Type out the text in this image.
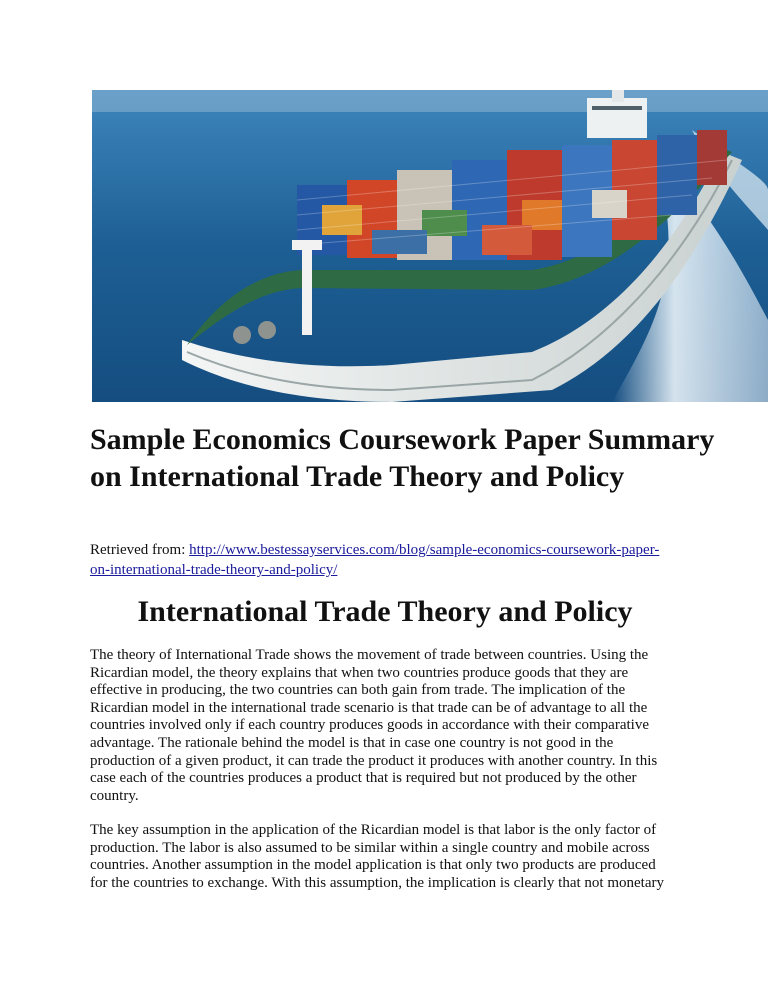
Sample Economics Coursework Paper Summary on International Trade Theory and Policy

Retrieved from: http://www.bestessayservices.com/blog/sample-economics-coursework-paper-
on-international-trade-theory-and-policy/

International Trade Theory and Policy

The theory of International Trade shows the movement of trade between countries. Using the Ricardian model, the theory explains that when two countries produce goods that they are effective in producing, the two countries can both gain from trade. The implication of the Ricardian model in the international trade scenario is that trade can be of advantage to all the countries involved only if each country produces goods in accordance with their comparative advantage. The rationale behind the model is that in case one country is not good in the production of a given product, it can trade the product it produces with another country. In this case each of the countries produces a product that is required but not produced by the other country.

The key assumption in the application of the Ricardian model is that labor is the only factor of production. The labor is also assumed to be similar within a single country and mobile across countries. Another assumption in the model application is that only two products are produced for the countries to exchange. With this assumption, the implication is clearly that not monetary
